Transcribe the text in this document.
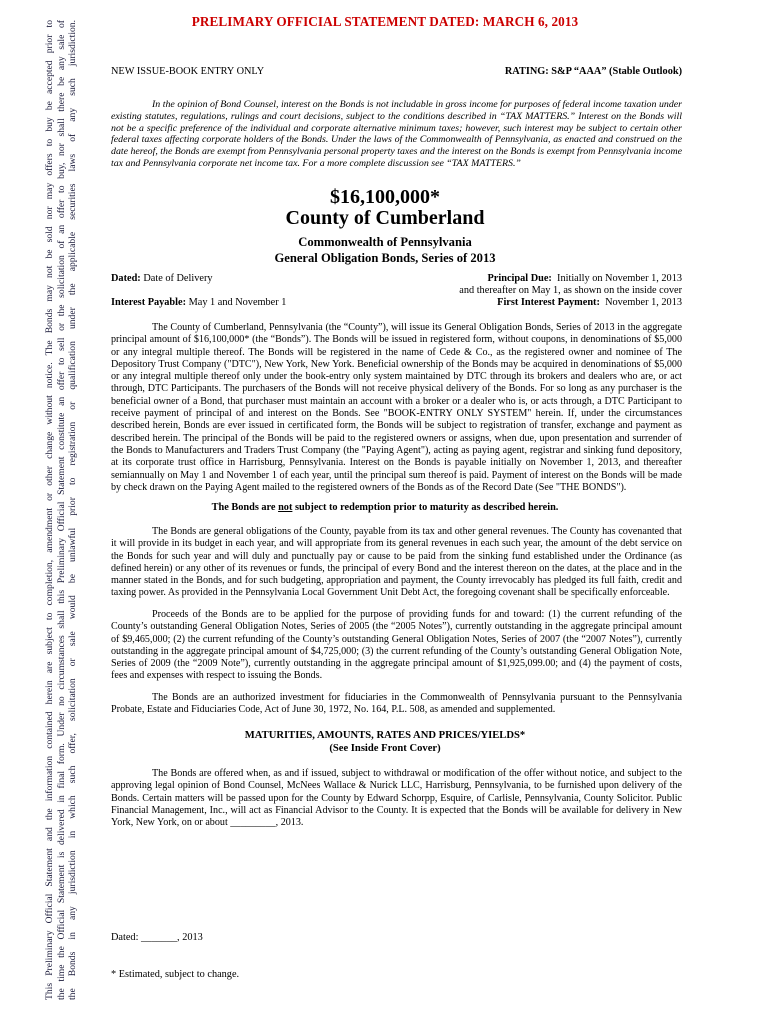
This Preliminary Official Statement and the information contained herein are subject to completion, amendment or other change without notice. The Bonds may not be sold nor may offers to buy be accepted prior to the time the Official Statement is delivered in final form. Under no circumstances shall this Preliminary Official Statement constitute an offer to sell or the solicitation of an offer to buy, nor shall there be any sale of the Bonds in any jurisdiction in which such offer, solicitation or sale would be unlawful prior to registration or qualification under the applicable securities laws of any such jurisdiction.	PRELIMARY OFFICIAL STATEMENT DATED: MARCH 6, 2013
NEW ISSUE-BOOK ENTRY ONLY	RATING: S&P “AAA” (Stable Outlook)
In the opinion of Bond Counsel, interest on the Bonds is not includable in gross income for purposes of federal income taxation under existing statutes, regulations, rulings and court decisions, subject to the conditions described in “TAX MATTERS.” Interest on the Bonds will not be a specific preference of the individual and corporate alternative minimum taxes; however, such interest may be subject to certain other federal taxes affecting corporate holders of the Bonds. Under the laws of the Commonwealth of Pennsylvania, as enacted and construed on the date hereof, the Bonds are exempt from Pennsylvania personal property taxes and the interest on the Bonds is exempt from Pennsylvania income tax and Pennsylvania corporate net income tax. For a more complete discussion see “TAX MATTERS.”
$16,100,000*
County of Cumberland
Commonwealth of Pennsylvania
General Obligation Bonds, Series of 2013
Dated: Date of Delivery
Interest Payable: May 1 and November 1
Principal Due: Initially on November 1, 2013
and thereafter on May 1, as shown on the inside cover
First Interest Payment: November 1, 2013
The County of Cumberland, Pennsylvania (the “County”), will issue its General Obligation Bonds, Series of 2013 in the aggregate principal amount of $16,100,000* (the “Bonds”). The Bonds will be issued in registered form, without coupons, in denominations of $5,000 or any integral multiple thereof. The Bonds will be registered in the name of Cede & Co., as the registered owner and nominee of The Depository Trust Company ("DTC"), New York, New York. Beneficial ownership of the Bonds may be acquired in denominations of $5,000 or any integral multiple thereof only under the book-entry only system maintained by DTC through its brokers and dealers who are, or act through, DTC Participants. The purchasers of the Bonds will not receive physical delivery of the Bonds. For so long as any purchaser is the beneficial owner of a Bond, that purchaser must maintain an account with a broker or a dealer who is, or acts through, a DTC Participant to receive payment of principal of and interest on the Bonds. See "BOOK-ENTRY ONLY SYSTEM" herein. If, under the circumstances described herein, Bonds are ever issued in certificated form, the Bonds will be subject to registration of transfer, exchange and payment as described herein. The principal of the Bonds will be paid to the registered owners or assigns, when due, upon presentation and surrender of the Bonds to Manufacturers and Traders Trust Company (the "Paying Agent"), acting as paying agent, registrar and sinking fund depository, at its corporate trust office in Harrisburg, Pennsylvania. Interest on the Bonds is payable initially on November 1, 2013, and thereafter semiannually on May 1 and November 1 of each year, until the principal sum thereof is paid. Payment of interest on the Bonds will be made by check drawn on the Paying Agent mailed to the registered owners of the Bonds as of the Record Date (See "THE BONDS").
The Bonds are not subject to redemption prior to maturity as described herein.
The Bonds are general obligations of the County, payable from its tax and other general revenues. The County has covenanted that it will provide in its budget in each year, and will appropriate from its general revenues in each such year, the amount of the debt service on the Bonds for such year and will duly and punctually pay or cause to be paid from the sinking fund established under the Ordinance (as defined herein) or any other of its revenues or funds, the principal of every Bond and the interest thereon on the dates, at the place and in the manner stated in the Bonds, and for such budgeting, appropriation and payment, the County irrevocably has pledged its full faith, credit and taxing power. As provided in the Pennsylvania Local Government Unit Debt Act, the foregoing covenant shall be specifically enforceable.
Proceeds of the Bonds are to be applied for the purpose of providing funds for and toward: (1) the current refunding of the County’s outstanding General Obligation Notes, Series of 2005 (the “2005 Notes”), currently outstanding in the aggregate principal amount of $9,465,000; (2) the current refunding of the County’s outstanding General Obligation Notes, Series of 2007 (the “2007 Notes”), currently outstanding in the aggregate principal amount of $4,725,000; (3) the current refunding of the County’s outstanding General Obligation Note, Series of 2009 (the “2009 Note”), currently outstanding in the aggregate principal amount of $1,925,099.00; and (4) the payment of costs, fees and expenses with respect to issuing the Bonds.
The Bonds are an authorized investment for fiduciaries in the Commonwealth of Pennsylvania pursuant to the Pennsylvania Probate, Estate and Fiduciaries Code, Act of June 30, 1972, No. 164, P.L. 508, as amended and supplemented.
MATURITIES, AMOUNTS, RATES AND PRICES/YIELDS*
(See Inside Front Cover)
The Bonds are offered when, as and if issued, subject to withdrawal or modification of the offer without notice, and subject to the approving legal opinion of Bond Counsel, McNees Wallace & Nurick LLC, Harrisburg, Pennsylvania, to be furnished upon delivery of the Bonds. Certain matters will be passed upon for the County by Edward Schorpp, Esquire, of Carlisle, Pennsylvania, County Solicitor. Public Financial Management, Inc., will act as Financial Advisor to the County. It is expected that the Bonds will be available for delivery in New York, New York, on or about _________, 2013.
Dated: _______, 2013
* Estimated, subject to change.
